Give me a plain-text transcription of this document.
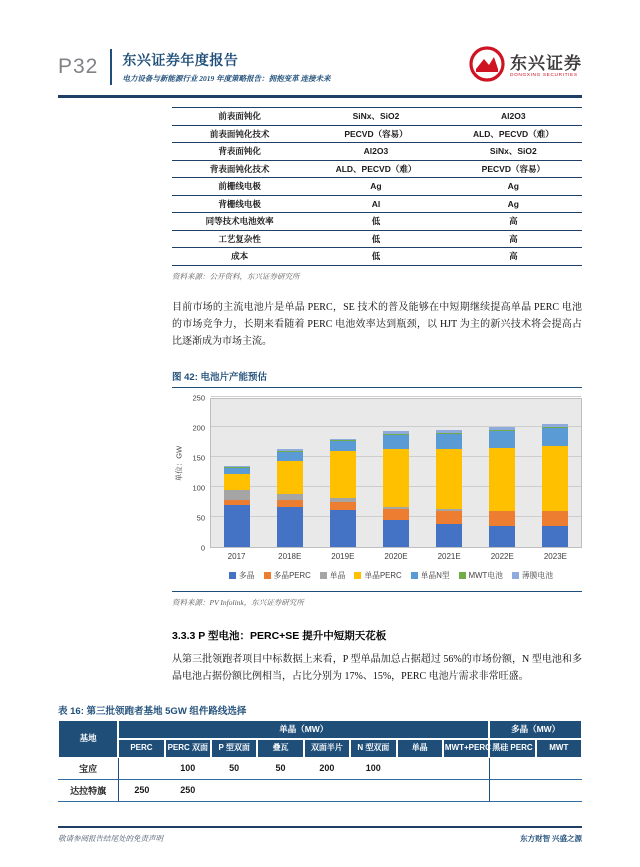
P32 东兴证券年度报告
电力设备与新能源行业 2019 年度策略报告：拥抱变革 连接未来
东兴证券
DONGXING SECURITIES
前表面钝化	SiNx、SiO2	Al2O3
前表面钝化技术	PECVD（容易）	ALD、PECVD（难）
背表面钝化	Al2O3	SiNx、SiO2
背表面钝化技术	ALD、PECVD（难）	PECVD（容易）
前栅线电极	Ag	Ag
背栅线电极	Al	Ag
同等技术电池效率	低	高
工艺复杂性	低	高
成本	低	高
资料来源：公开资料，东兴证券研究所
目前市场的主流电池片是单晶 PERC，SE 技术的普及能够在中短期继续提高单晶 PERC 电池的市场竞争力，长期来看随着 PERC 电池效率达到瓶颈，以 HJT 为主的新兴技术将会提高占比逐渐成为市场主流。
图 42: 电池片产能预估
单位：GW
0
50
100
150
200
250
2017	2018E	2019E	2020E	2021E	2022E	2023E
多晶 多晶PERC 单晶 单晶PERC 单晶N型 MWT电池 薄膜电池
资料来源：PV Infolink，东兴证券研究所
3.3.3 P 型电池：PERC+SE 提升中短期天花板
从第三批领跑者项目中标数据上来看，P 型单晶加总占据超过 56%的市场份额，N 型电池和多晶电池占据份额比例相当，占比分别为 17%、15%，PERC 电池片需求非常旺盛。
表 16: 第三批领跑者基地 5GW 组件路线选择
基地	单晶（MW）								多晶（MW）	
	PERC	PERC 双面	P 型双面	叠瓦	双面半片	N 型双面	单晶	MWT+PERC	黑硅 PERC	MWT
宝应		100	50	50	200	100				
达拉特旗	250	250								
敬请参阅报告结尾处的免责声明	东方财智 兴盛之源
